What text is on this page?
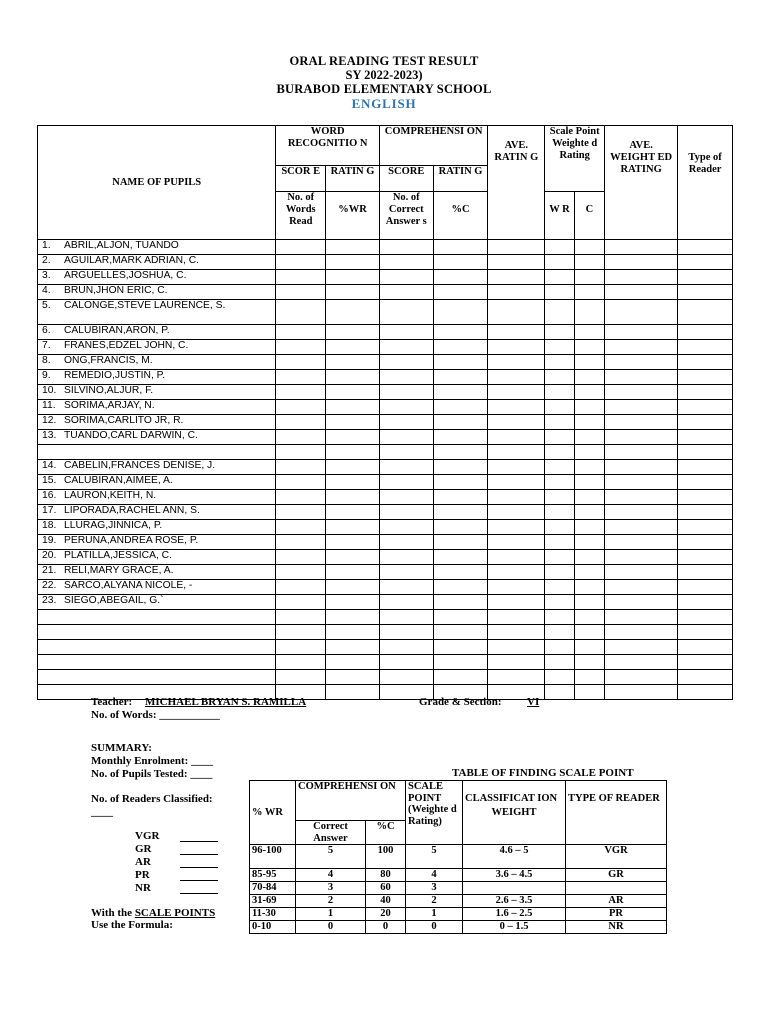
ORAL READING TEST RESULT
SY 2022-2023)
BURABOD ELEMENTARY SCHOOL
ENGLISH
NAME OF PUPILS	WORD RECOGNITIO N		COMPREHENSI ON		AVE. RATIN G	Scale Point Weighte d Rating		AVE. WEIGHT ED RATING	Type of Reader
	SCOR E	RATIN G	SCORE	RATIN G					
	No. of Words Read	%WR	No. of Correct Answer s	%C		W R	C		
1. ABRIL,ALJON, TUANDO									
2. AGUILAR,MARK ADRIAN, C.									
3. ARGUELLES,JOSHUA, C.									
4. BRUN,JHON ERIC, C.									
5. CALONGE,STEVE LAURENCE, S.									
6. CALUBIRAN,ARON, P.									
7. FRANES,EDZEL JOHN, C.									
8. ONG,FRANCIS, M.									
9. REMEDIO,JUSTIN, P.									
10. SILVINO,ALJUR, F.									
11. SORIMA,ARJAY, N.									
12. SORIMA,CARLITO JR, R.									
13. TUANDO,CARL DARWIN, C.									

14. CABELIN,FRANCES DENISE, J.									
15. CALUBIRAN,AIMEE, A.									
16. LAURON,KEITH, N.									
17. LIPORADA,RACHEL ANN, S.									
18. LLURAG,JINNICA, P.									
19. PERUNA,ANDREA ROSE, P.									
20. PLATILLA,JESSICA, C.									
21. RELI,MARY GRACE, A.									
22. SARCO,ALYANA NICOLE, -									
23. SIEGO,ABEGAIL, G.`									

Teacher: MICHAEL BRYAN S. RAMILLA	Grade & Section: VI
No. of Words: ___________
SUMMARY:
Monthly Enrolment: ____
No. of Pupils Tested: ____
No. of Readers Classified:
____
VGR
GR
AR
PR
NR
With the SCALE POINTS
Use the Formula:
TABLE OF FINDING SCALE POINT
% WR	COMPREHENSI ON		SCALE POINT (Weighte d Rating)	CLASSIFICAT ION
WEIGHT	TYPE OF READER
	Correct Answer	%C			
96-100	5	100	5	4.6 – 5	VGR
85-95	4	80	4	3.6 – 4.5	GR
70-84	3	60	3		
31-69	2	40	2	2.6 – 3.5	AR
11-30	1	20	1	1.6 – 2.5	PR
0-10	0	0	0	0 – 1.5	NR
